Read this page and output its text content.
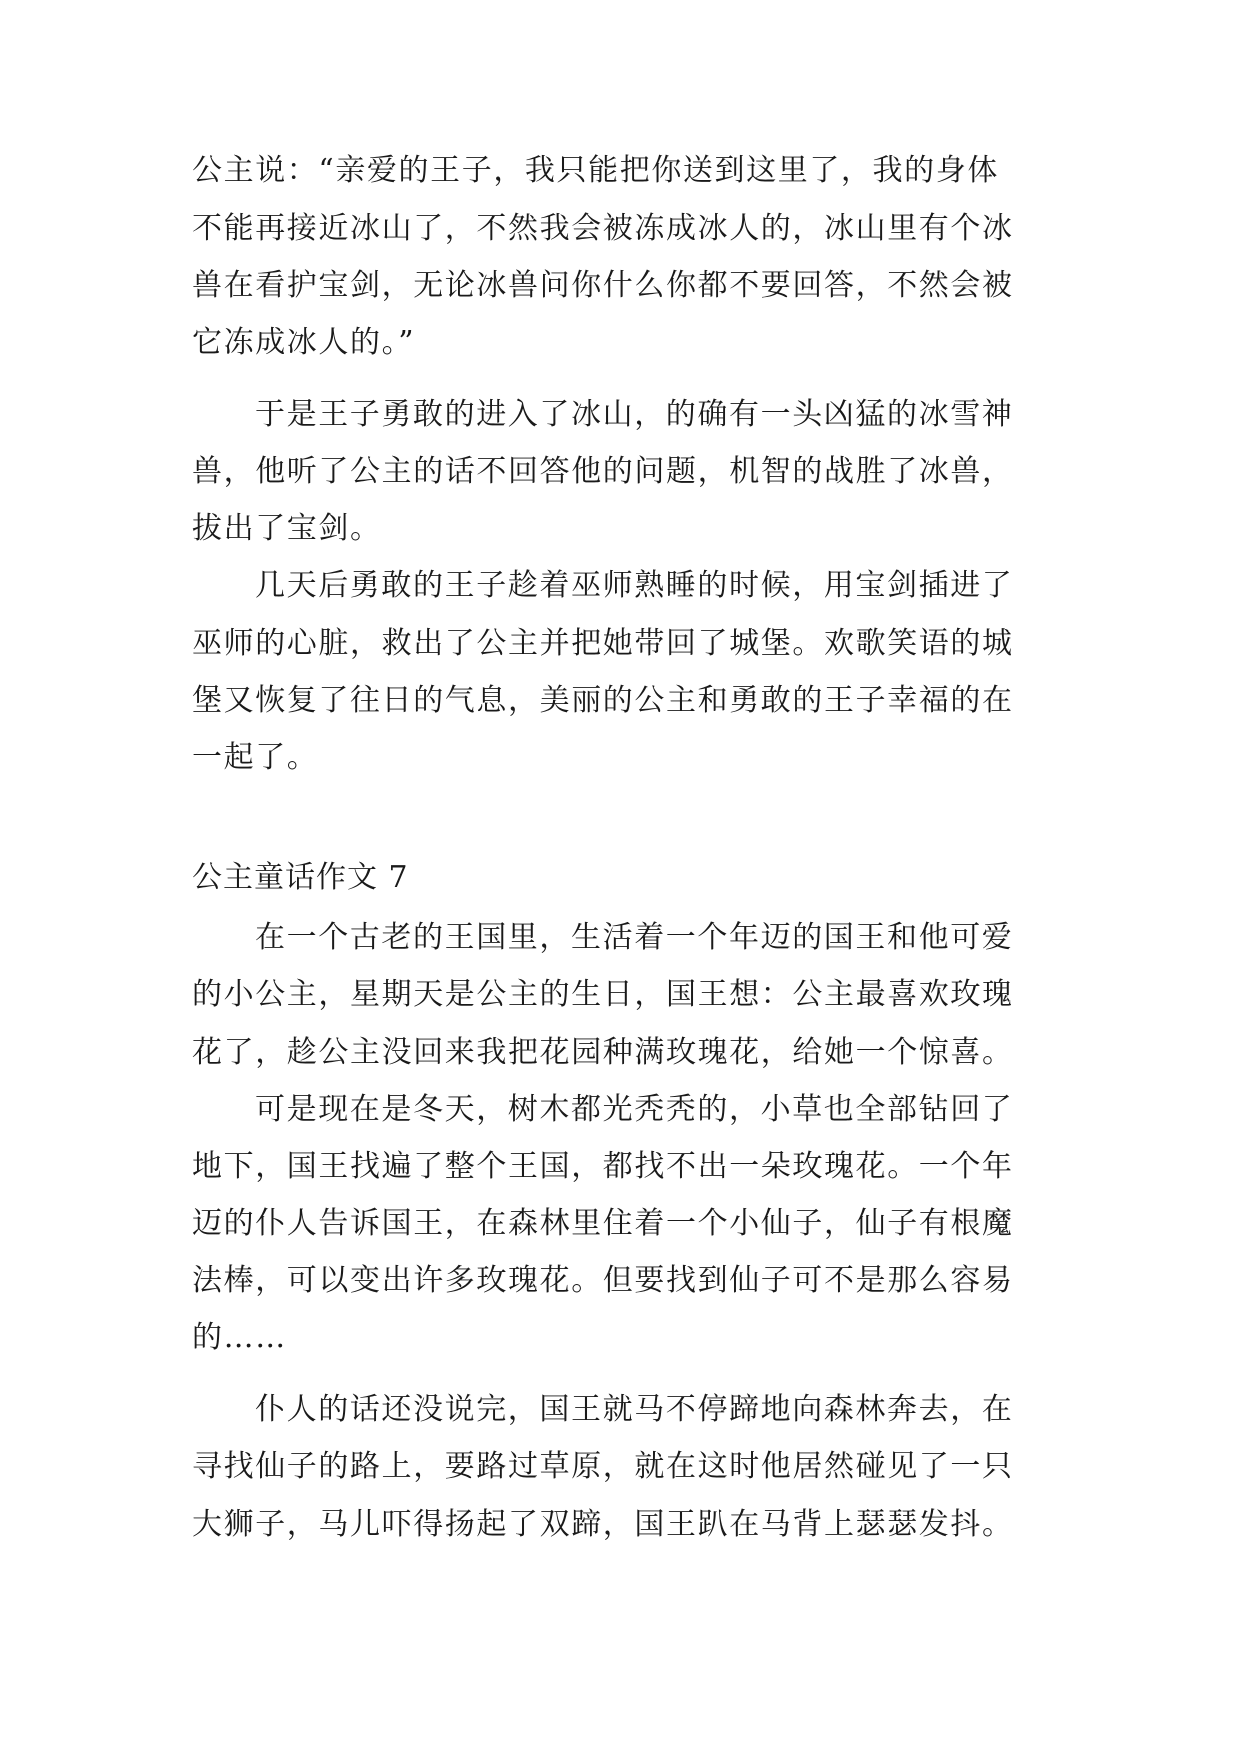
公主说：“亲爱的王子，我只能把你送到这里了，我的身体
不能再接近冰山了，不然我会被冻成冰人的，冰山里有个冰
兽在看护宝剑，无论冰兽问你什么你都不要回答，不然会被
它冻成冰人的。”
于是王子勇敢的进入了冰山，的确有一头凶猛的冰雪神
兽，他听了公主的话不回答他的问题，机智的战胜了冰兽，
拔出了宝剑。
几天后勇敢的王子趁着巫师熟睡的时候，用宝剑插进了
巫师的心脏，救出了公主并把她带回了城堡。欢歌笑语的城
堡又恢复了往日的气息，美丽的公主和勇敢的王子幸福的在
一起了。
公主童话作文 7
在一个古老的王国里，生活着一个年迈的国王和他可爱
的小公主，星期天是公主的生日，国王想：公主最喜欢玫瑰
花了，趁公主没回来我把花园种满玫瑰花，给她一个惊喜。
可是现在是冬天，树木都光秃秃的，小草也全部钻回了
地下，国王找遍了整个王国，都找不出一朵玫瑰花。一个年
迈的仆人告诉国王，在森林里住着一个小仙子，仙子有根魔
法棒，可以变出许多玫瑰花。但要找到仙子可不是那么容易
的……
仆人的话还没说完，国王就马不停蹄地向森林奔去，在
寻找仙子的路上，要路过草原，就在这时他居然碰见了一只
大狮子，马儿吓得扬起了双蹄，国王趴在马背上瑟瑟发抖。
